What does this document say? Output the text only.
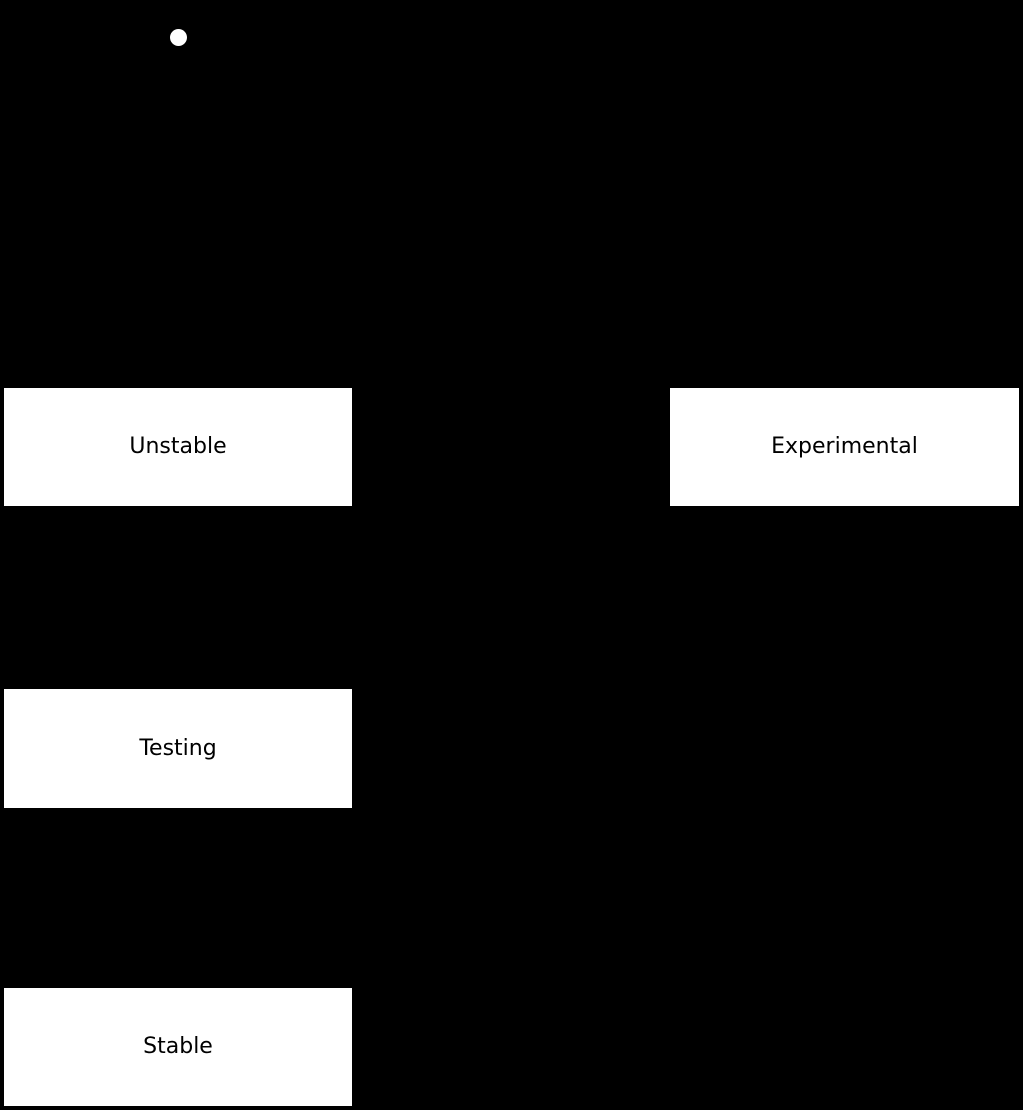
Unstable	Experimental
Testing
Stable
